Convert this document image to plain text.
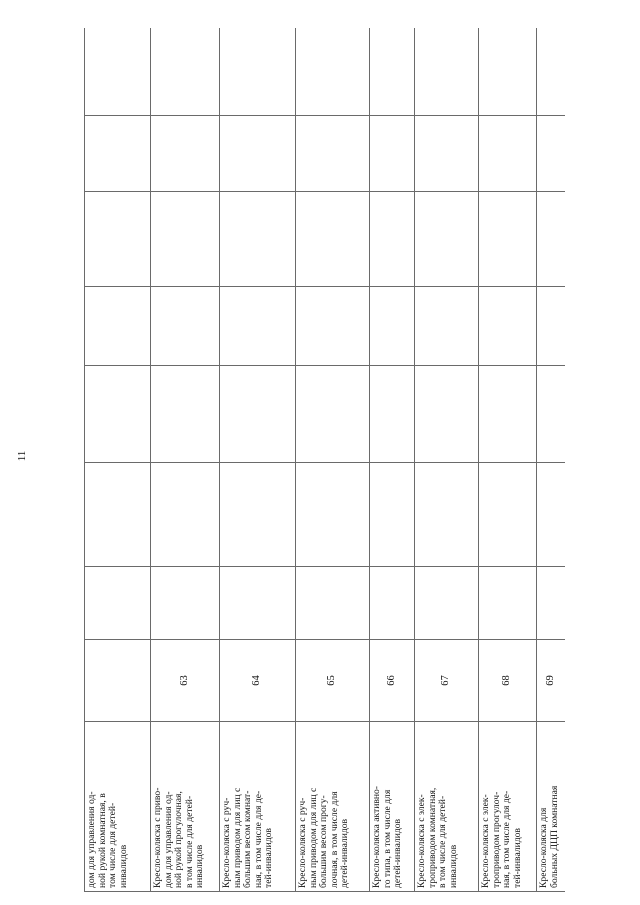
11
дом для управления од-
ной рукой комнатная, в
том числе для детей-
инвалидов								
Кресло-коляска с приво-
дом для управления од-
ной рукой прогулочная,
в том числе для детей-
инвалидов	63							
Кресло-коляска с руч-
ным приводом для лиц с
большим весом комнат-
ная, в том числе для де-
тей-инвалидов	64							
Кресло-коляска с руч-
ным приводом для лиц с
большим весом прогу-
лочная, в том числе для
детей-инвалидов	65							
Кресло-коляска активно-
го типа, в том числе для
детей-инвалидов	66							
Кресло-коляска с элек-
троприводом комнатная,
в том числе для детей-
инвалидов	67							
Кресло-коляска с элек-
троприводом прогулоч-
ная, в том числе для де-
тей-инвалидов	68							
Кресло-коляска для
больных ДЦП комнатная	69							
